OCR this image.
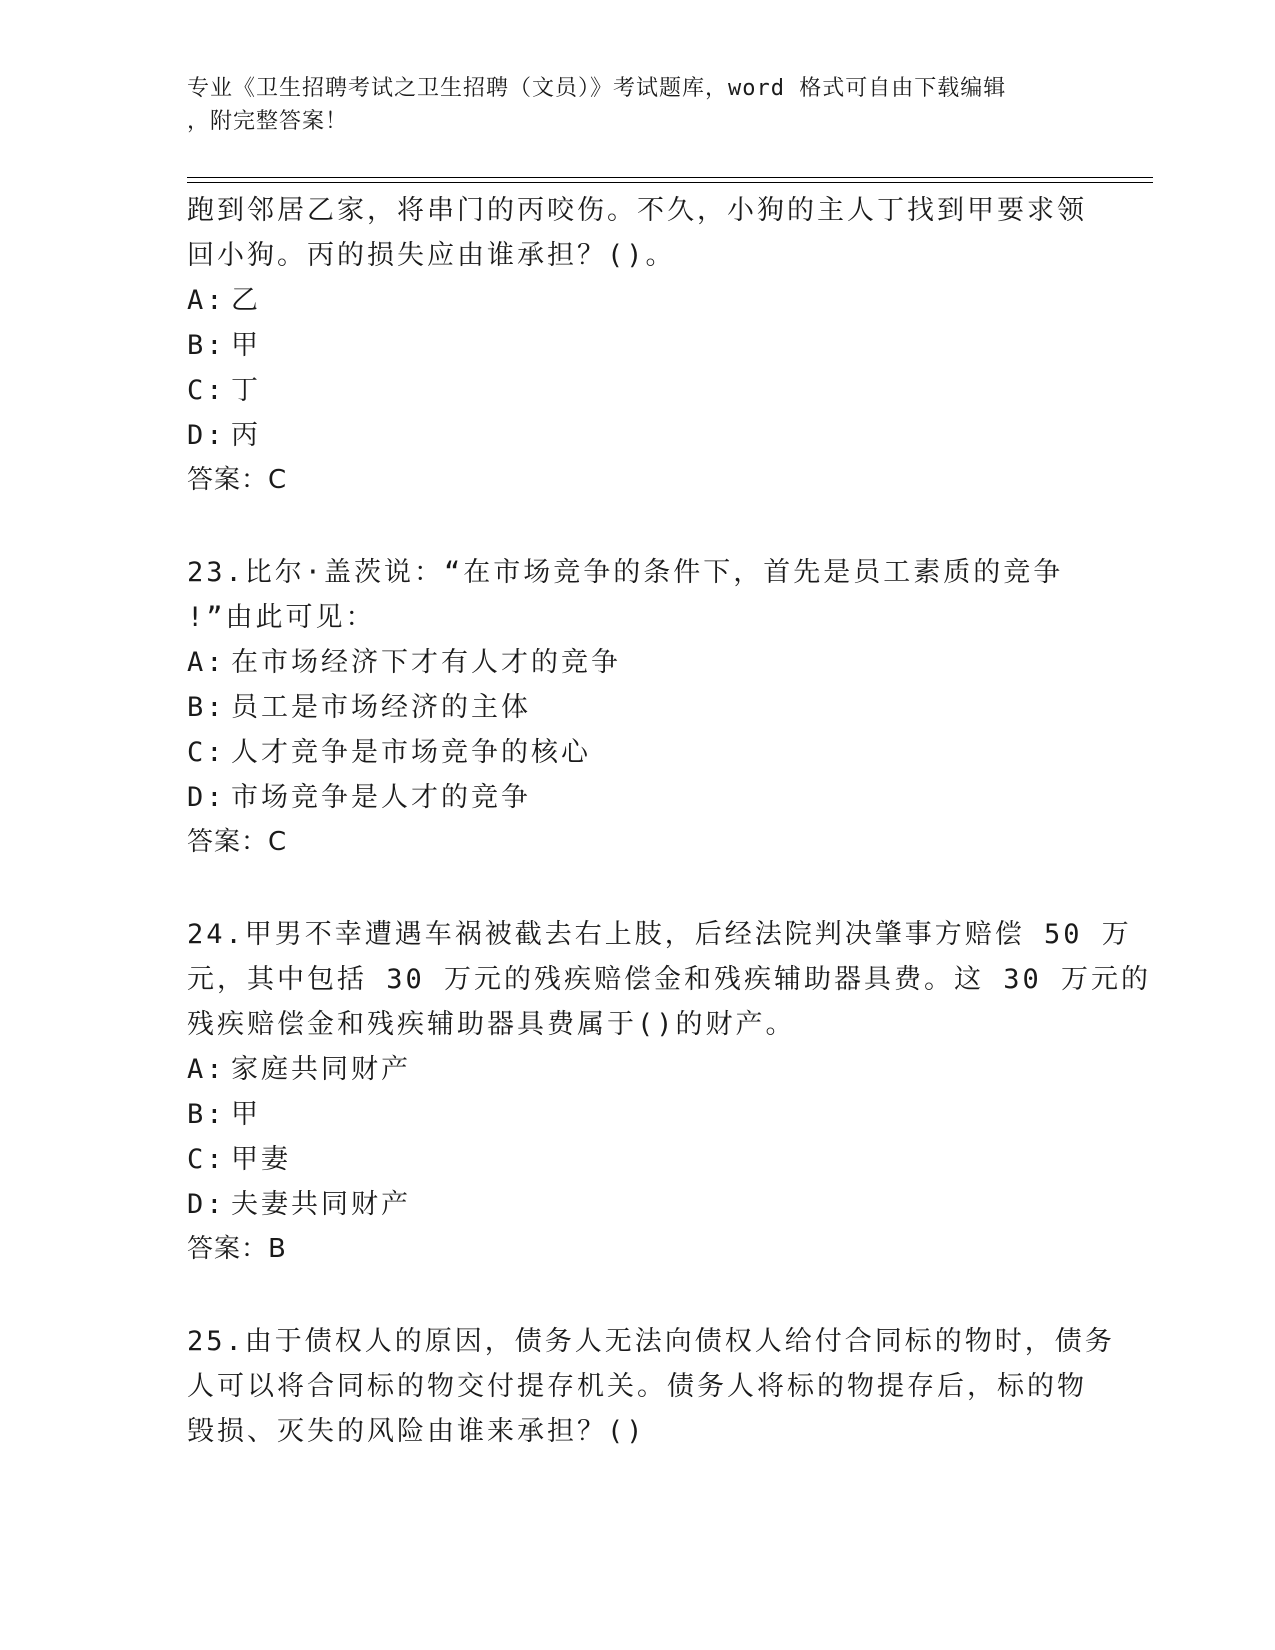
专业《卫生招聘考试之卫生招聘（文员）》考试题库，word 格式可自由下载编辑
，附完整答案！
跑到邻居乙家，将串门的丙咬伤。不久，小狗的主人丁找到甲要求领
回小狗。丙的损失应由谁承担？()。
A: 乙
B: 甲
C: 丁
D: 丙
答案：C
23.比尔·盖茨说：“在市场竞争的条件下，首先是员工素质的竞争
!”由此可见：
A: 在市场经济下才有人才的竞争
B: 员工是市场经济的主体
C: 人才竞争是市场竞争的核心
D: 市场竞争是人才的竞争
答案：C
24.甲男不幸遭遇车祸被截去右上肢，后经法院判决肇事方赔偿 50 万
元，其中包括 30 万元的残疾赔偿金和残疾辅助器具费。这 30 万元的
残疾赔偿金和残疾辅助器具费属于()的财产。
A: 家庭共同财产
B: 甲
C: 甲妻
D: 夫妻共同财产
答案：B
25.由于债权人的原因，债务人无法向债权人给付合同标的物时，债务
人可以将合同标的物交付提存机关。债务人将标的物提存后，标的物
毁损、灭失的风险由谁来承担？()
